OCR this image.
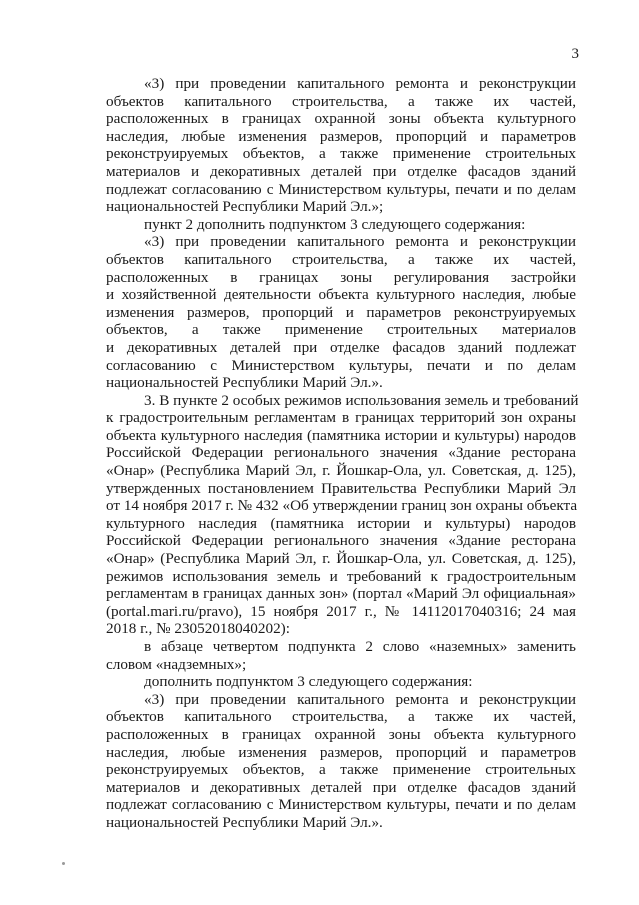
3
«3) при проведении капитального ремонта и реконструкции
объектов капитального строительства, а также их частей,
расположенных в границах охранной зоны объекта культурного
наследия, любые изменения размеров, пропорций и параметров
реконструируемых объектов, а также применение строительных
материалов и декоративных деталей при отделке фасадов зданий
подлежат согласованию с Министерством культуры, печати и по делам
национальностей Республики Марий Эл.»;
пункт 2 дополнить подпунктом 3 следующего содержания:
«3) при проведении капитального ремонта и реконструкции
объектов капитального строительства, а также их частей,
расположенных в границах зоны регулирования застройки
и хозяйственной деятельности объекта культурного наследия, любые
изменения размеров, пропорций и параметров реконструируемых
объектов, а также применение строительных материалов
и декоративных деталей при отделке фасадов зданий подлежат
согласованию с Министерством культуры, печати и по делам
национальностей Республики Марий Эл.».
3. В пункте 2 особых режимов использования земель и требований
к градостроительным регламентам в границах территорий зон охраны
объекта культурного наследия (памятника истории и культуры) народов
Российской Федерации регионального значения «Здание ресторана
«Онар» (Республика Марий Эл, г. Йошкар-Ола, ул. Советская, д. 125),
утвержденных постановлением Правительства Республики Марий Эл
от 14 ноября 2017 г. № 432 «Об утверждении границ зон охраны объекта
культурного наследия (памятника истории и культуры) народов
Российской Федерации регионального значения «Здание ресторана
«Онар» (Республика Марий Эл, г. Йошкар-Ола, ул. Советская, д. 125),
режимов использования земель и требований к градостроительным
регламентам в границах данных зон» (портал «Марий Эл официальная»
(portal.mari.ru/pravo), 15 ноября 2017 г., № 14112017040316; 24 мая
2018 г., № 23052018040202):
в абзаце четвертом подпункта 2 слово «наземных» заменить
словом «надземных»;
дополнить подпунктом 3 следующего содержания:
«3) при проведении капитального ремонта и реконструкции
объектов капитального строительства, а также их частей,
расположенных в границах охранной зоны объекта культурного
наследия, любые изменения размеров, пропорций и параметров
реконструируемых объектов, а также применение строительных
материалов и декоративных деталей при отделке фасадов зданий
подлежат согласованию с Министерством культуры, печати и по делам
национальностей Республики Марий Эл.».
